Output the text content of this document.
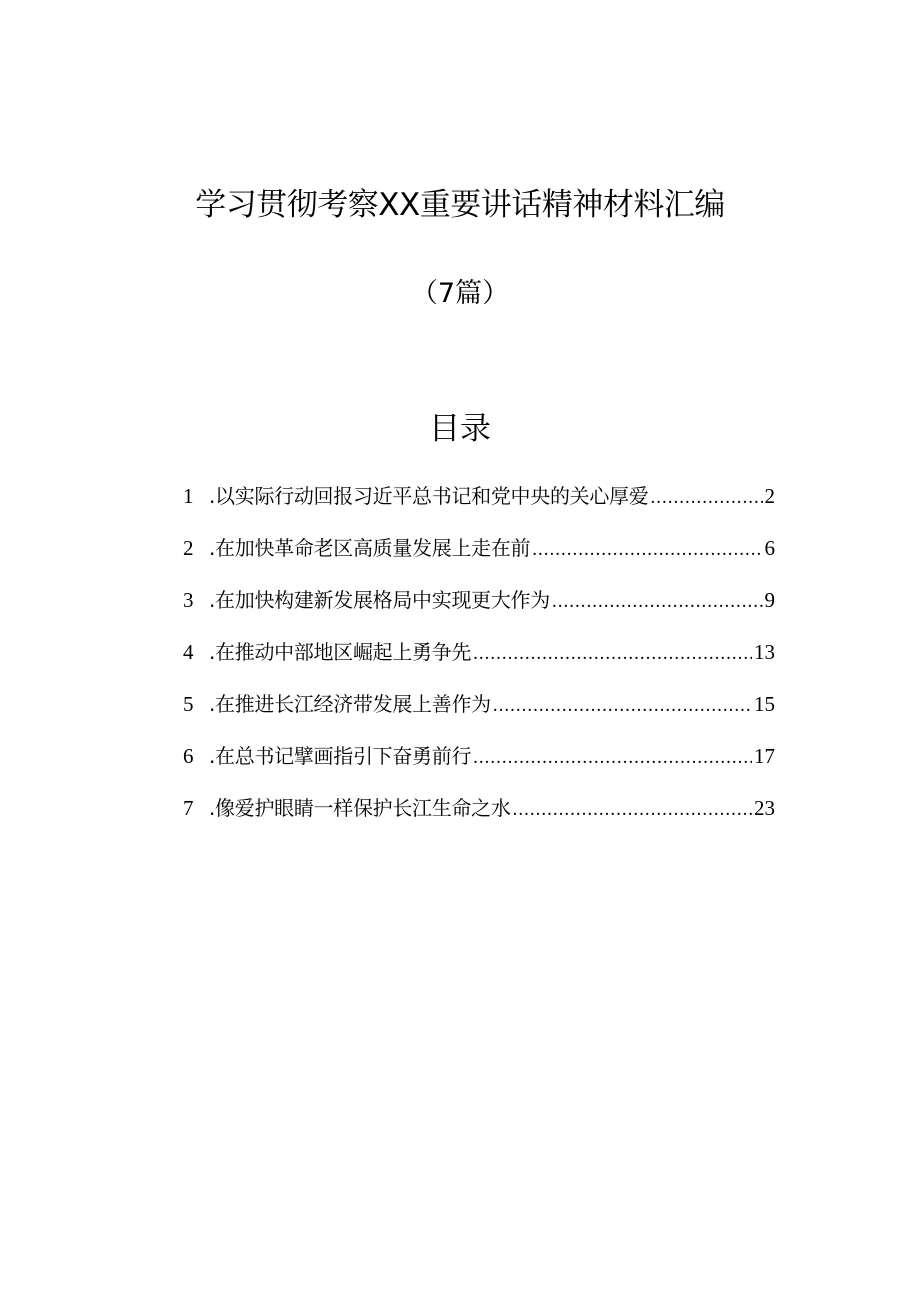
学习贯彻考察XX重要讲话精神材料汇编
（7篇）
目录
1 .以实际行动回报习近平总书记和党中央的关心厚爱 .....	2
2 .在加快革命老区高质量发展上走在前 .....	6
3 .在加快构建新发展格局中实现更大作为 .....	9
4 .在推动中部地区崛起上勇争先 .....	13
5 .在推进长江经济带发展上善作为 .....	15
6 .在总书记擘画指引下奋勇前行 .....	17
7 .像爱护眼睛一样保护长江生命之水 .....	23
